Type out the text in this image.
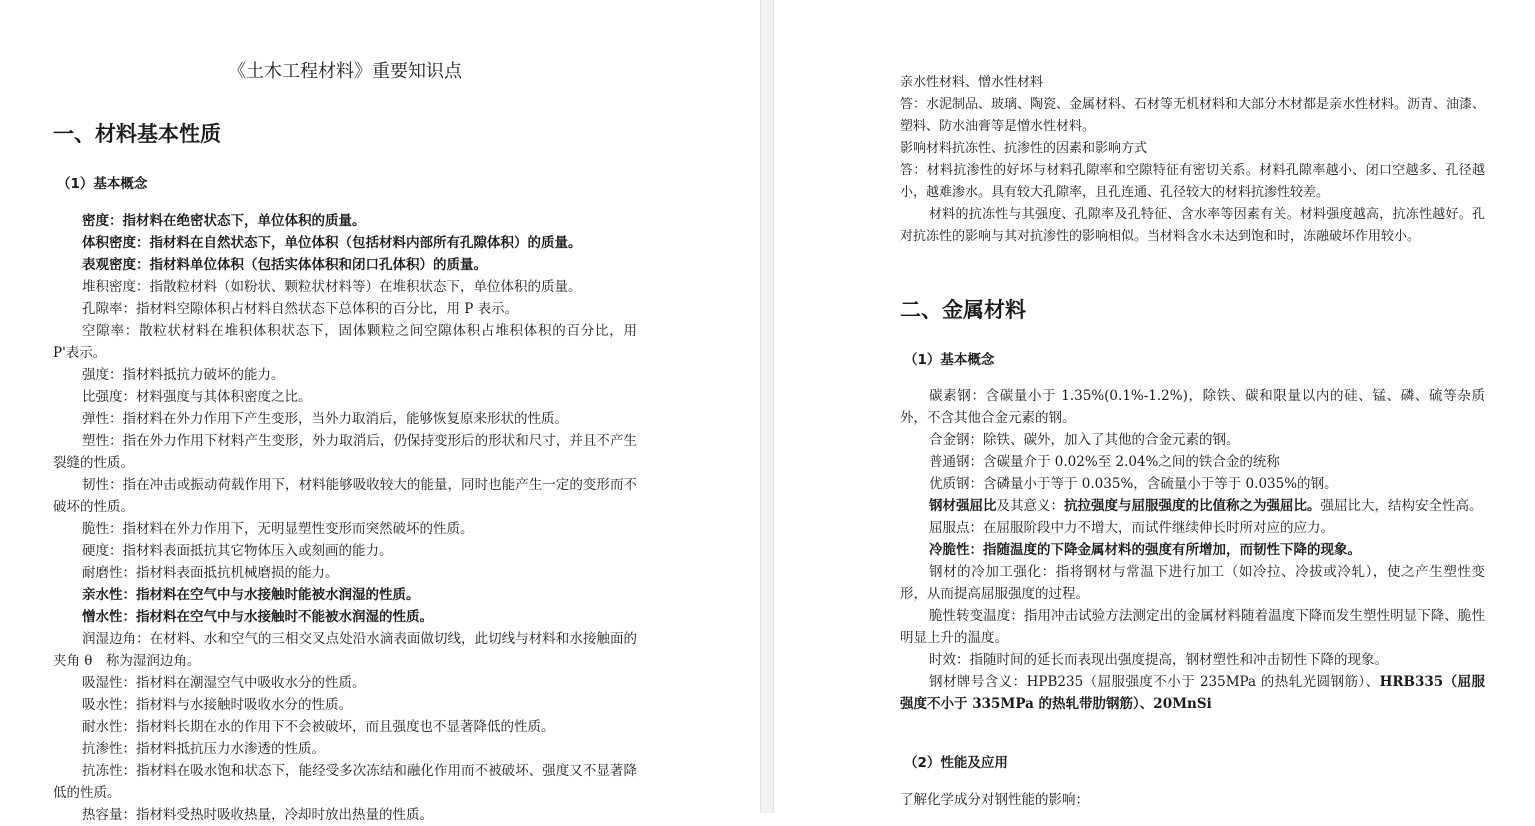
《土木工程材料》重要知识点
一、材料基本性质
（1）基本概念

密度：指材料在绝密状态下，单位体积的质量。

体积密度：指材料在自然状态下，单位体积（包括材料内部所有孔隙体积）的质量。

表观密度：指材料单位体积（包括实体体积和闭口孔体积）的质量。

堆积密度：指散粒材料（如粉状、颗粒状材料等）在堆积状态下，单位体积的质量。

孔隙率：指材料空隙体积占材料自然状态下总体积的百分比，用 P 表示。

空隙率：散粒状材料在堆积体积状态下，固体颗粒之间空隙体积占堆积体积的百分比，用 P'表示。

强度：指材料抵抗力破坏的能力。

比强度：材料强度与其体积密度之比。

弹性：指材料在外力作用下产生变形，当外力取消后，能够恢复原来形状的性质。

塑性：指在外力作用下材料产生变形，外力取消后，仍保持变形后的形状和尺寸，并且不产生裂缝的性质。

韧性：指在冲击或振动荷载作用下，材料能够吸收较大的能量，同时也能产生一定的变形而不破坏的性质。

脆性：指材料在外力作用下，无明显塑性变形而突然破坏的性质。

硬度：指材料表面抵抗其它物体压入或刻画的能力。

耐磨性：指材料表面抵抗机械磨损的能力。

亲水性：指材料在空气中与水接触时能被水润湿的性质。

憎水性：指材料在空气中与水接触时不能被水润湿的性质。

润湿边角：在材料、水和空气的三相交叉点处沿水滴表面做切线，此切线与材料和水接触面的夹角 θ　称为湿润边角。

吸湿性：指材料在潮湿空气中吸收水分的性质。

吸水性：指材料与水接触时吸收水分的性质。

耐水性：指材料长期在水的作用下不会被破坏，而且强度也不显著降低的性质。

抗渗性：指材料抵抗压力水渗透的性质。

抗冻性：指材料在吸水饱和状态下，能经受多次冻结和融化作用而不被破坏、强度又不显著降低的性质。

热容量：指材料受热时吸收热量，冷却时放出热量的性质。

二、金属材料
（1）基本概念
（2）性能及应用

亲水性材料、憎水性材料

答：水泥制品、玻璃、陶瓷、金属材料、石材等无机材料和大部分木材都是亲水性材料。沥青、油漆、塑料、防水油膏等是憎水性材料。

影响材料抗冻性、抗渗性的因素和影响方式

答：材料抗渗性的好坏与材料孔隙率和空隙特征有密切关系。材料孔隙率越小、闭口空越多、孔径越小，越难渗水。具有较大孔隙率，且孔连通、孔径较大的材料抗渗性较差。

材料的抗冻性与其强度、孔隙率及孔特征、含水率等因素有关。材料强度越高，抗冻性越好。孔对抗冻性的影响与其对抗渗性的影响相似。当材料含水未达到饱和时，冻融破坏作用较小。

碳素钢：含碳量小于 1.35%(0.1%-1.2%)，除铁、碳和限量以内的硅、锰、磷、硫等杂质外，不含其他合金元素的钢。

合金钢：除铁、碳外，加入了其他的合金元素的钢。

普通钢：含碳量介于 0.02%至 2.04%之间的铁合金的统称

优质钢：含磷量小于等于 0.035%，含硫量小于等于 0.035%的钢。

钢材强屈比及其意义：抗拉强度与屈服强度的比值称之为强屈比。强屈比大，结构安全性高。

屈服点：在屈服阶段中力不增大，而试件继续伸长时所对应的应力。

冷脆性：指随温度的下降金属材料的强度有所增加，而韧性下降的现象。

钢材的冷加工强化：指将钢材与常温下进行加工（如冷拉、冷拔或冷轧），使之产生塑性变形，从而提高屈服强度的过程。

脆性转变温度：指用冲击试验方法测定出的金属材料随着温度下降而发生塑性明显下降、脆性明显上升的温度。

时效：指随时间的延长而表现出强度提高，钢材塑性和冲击韧性下降的现象。

钢材牌号含义：HPB235（屈服强度不小于 235MPa 的热轧光圆钢筋）、HRB335（屈服强度不小于 335MPa 的热轧带肋钢筋）、20MnSi

了解化学成分对钢性能的影响：
